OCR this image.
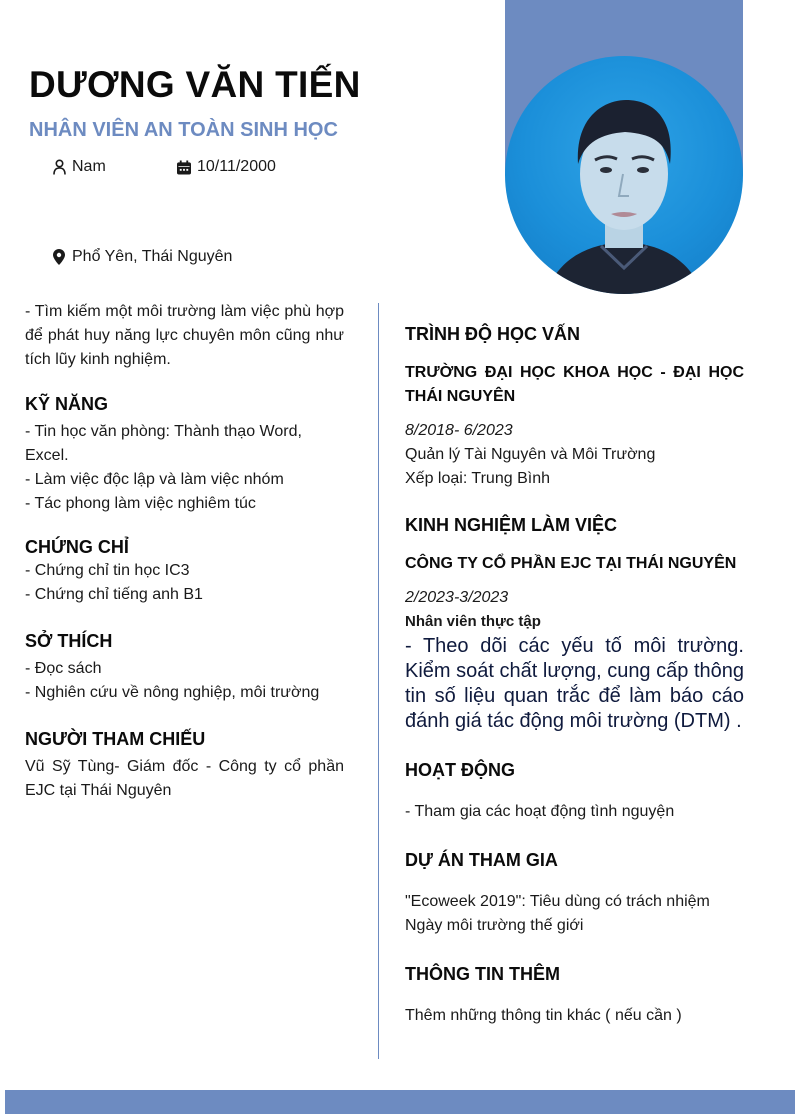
DƯƠNG VĂN TIẾN
NHÂN VIÊN AN TOÀN SINH HỌC
Nam	10/11/2000
Phổ Yên, Thái Nguyên
- Tìm kiếm một môi trường làm việc phù hợp để phát huy năng lực chuyên môn cũng như tích lũy kinh nghiệm.
KỸ NĂNG
- Tin học văn phòng: Thành thạo Word, Excel.
- Làm việc độc lập và làm việc nhóm
- Tác phong làm việc nghiêm túc
CHỨNG CHỈ
- Chứng chỉ tin học IC3
- Chứng chỉ tiếng anh B1
SỞ THÍCH
- Đọc sách
- Nghiên cứu về nông nghiệp, môi trường
NGƯỜI THAM CHIẾU
Vũ Sỹ Tùng- Giám đốc - Công ty cổ phần EJC tại Thái Nguyên
TRÌNH ĐỘ HỌC VẤN
TRƯỜNG ĐẠI HỌC KHOA HỌC - ĐẠI HỌC THÁI NGUYÊN
8/2018- 6/2023
Quản lý Tài Nguyên và Môi Trường
Xếp loại: Trung Bình
KINH NGHIỆM LÀM VIỆC
CÔNG TY CỔ PHẦN EJC TẠI THÁI NGUYÊN
2/2023-3/2023
Nhân viên thực tập
- Theo dõi các yếu tố môi trường. Kiểm soát chất lượng, cung cấp thông tin số liệu quan trắc để làm báo cáo đánh giá tác động môi trường (DTM) .
HOẠT ĐỘNG
- Tham gia các hoạt động tình nguyện
DỰ ÁN THAM GIA
"Ecoweek 2019": Tiêu dùng có trách nhiệm
Ngày môi trường thế giới
THÔNG TIN THÊM
Thêm những thông tin khác ( nếu cần )
